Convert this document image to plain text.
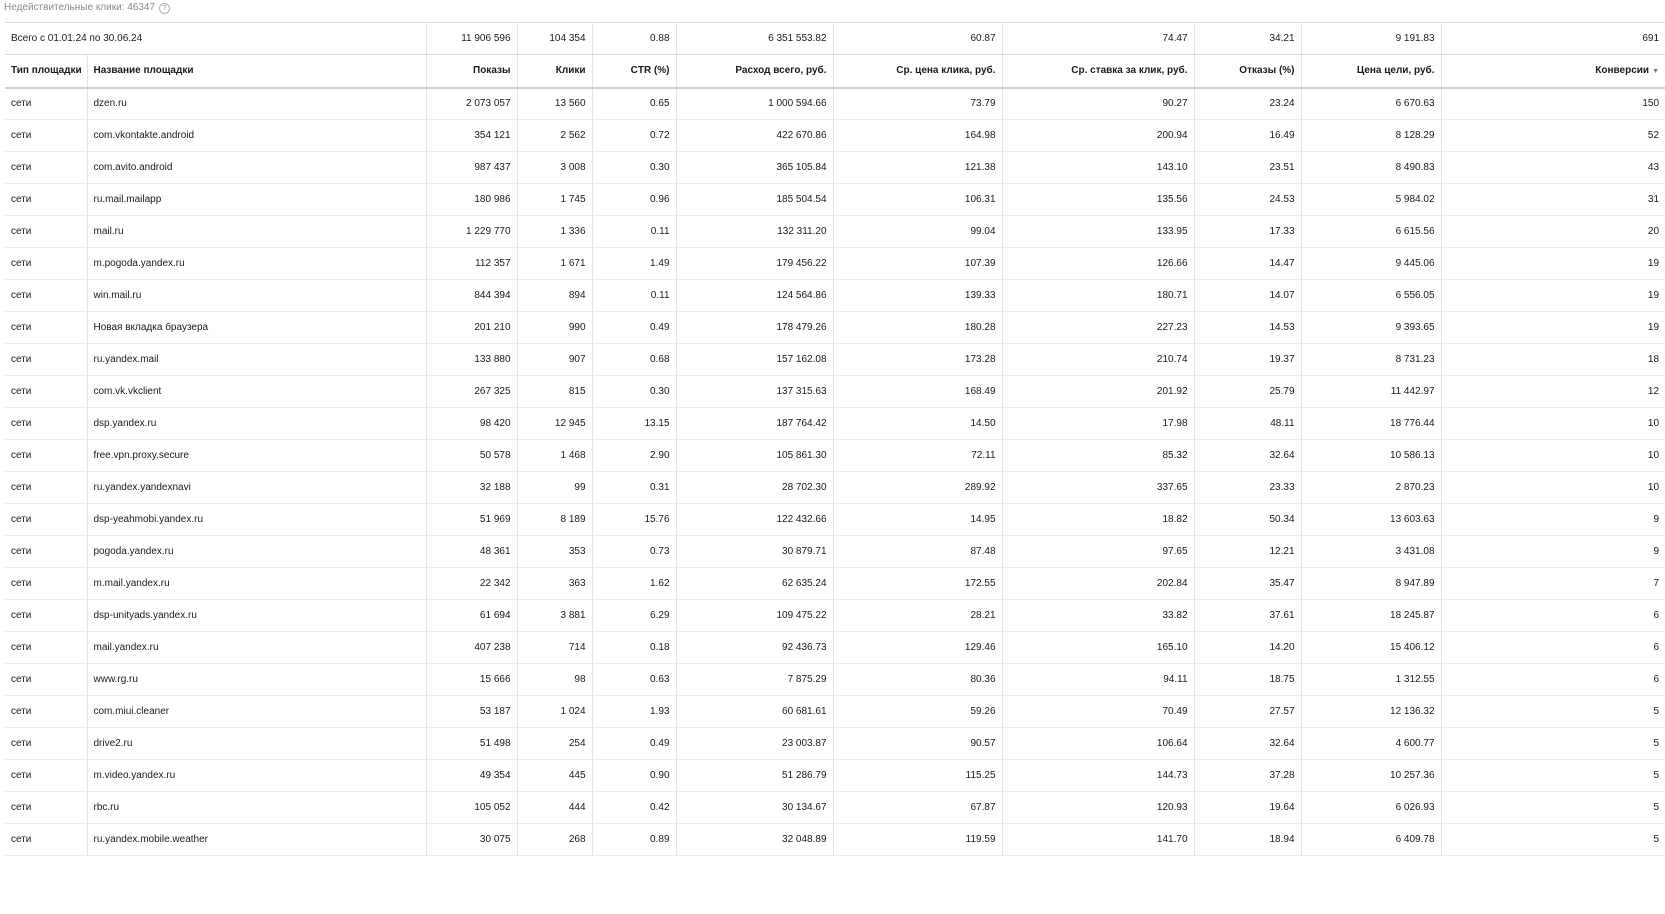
Недействительные клики: 46347	?
Всего с 01.01.24 по 30.06.24		11 906 596	104 354	0.88	6 351 553.82	60.87	74.47	34.21	9 191.83	691
Тип площадки	Название площадки	Показы	Клики	CTR (%)	Расход всего, руб.	Ср. цена клика, руб.	Ср. ставка за клик, руб.	Отказы (%)	Цена цели, руб.	Конверсии ▼
сети	dzen.ru	2 073 057	13 560	0.65	1 000 594.66	73.79	90.27	23.24	6 670.63	150
сети	com.vkontakte.android	354 121	2 562	0.72	422 670.86	164.98	200.94	16.49	8 128.29	52
сети	com.avito.android	987 437	3 008	0.30	365 105.84	121.38	143.10	23.51	8 490.83	43
сети	ru.mail.mailapp	180 986	1 745	0.96	185 504.54	106.31	135.56	24.53	5 984.02	31
сети	mail.ru	1 229 770	1 336	0.11	132 311.20	99.04	133.95	17.33	6 615.56	20
сети	m.pogoda.yandex.ru	112 357	1 671	1.49	179 456.22	107.39	126.66	14.47	9 445.06	19
сети	win.mail.ru	844 394	894	0.11	124 564.86	139.33	180.71	14.07	6 556.05	19
сети	Новая вкладка браузера	201 210	990	0.49	178 479.26	180.28	227.23	14.53	9 393.65	19
сети	ru.yandex.mail	133 880	907	0.68	157 162.08	173.28	210.74	19.37	8 731.23	18
сети	com.vk.vkclient	267 325	815	0.30	137 315.63	168.49	201.92	25.79	11 442.97	12
сети	dsp.yandex.ru	98 420	12 945	13.15	187 764.42	14.50	17.98	48.11	18 776.44	10
сети	free.vpn.proxy.secure	50 578	1 468	2.90	105 861.30	72.11	85.32	32.64	10 586.13	10
сети	ru.yandex.yandexnavi	32 188	99	0.31	28 702.30	289.92	337.65	23.33	2 870.23	10
сети	dsp-yeahmobi.yandex.ru	51 969	8 189	15.76	122 432.66	14.95	18.82	50.34	13 603.63	9
сети	pogoda.yandex.ru	48 361	353	0.73	30 879.71	87.48	97.65	12.21	3 431.08	9
сети	m.mail.yandex.ru	22 342	363	1.62	62 635.24	172.55	202.84	35.47	8 947.89	7
сети	dsp-unityads.yandex.ru	61 694	3 881	6.29	109 475.22	28.21	33.82	37.61	18 245.87	6
сети	mail.yandex.ru	407 238	714	0.18	92 436.73	129.46	165.10	14.20	15 406.12	6
сети	www.rg.ru	15 666	98	0.63	7 875.29	80.36	94.11	18.75	1 312.55	6
сети	com.miui.cleaner	53 187	1 024	1.93	60 681.61	59.26	70.49	27.57	12 136.32	5
сети	drive2.ru	51 498	254	0.49	23 003.87	90.57	106.64	32.64	4 600.77	5
сети	m.video.yandex.ru	49 354	445	0.90	51 286.79	115.25	144.73	37.28	10 257.36	5
сети	rbc.ru	105 052	444	0.42	30 134.67	67.87	120.93	19.64	6 026.93	5
сети	ru.yandex.mobile.weather	30 075	268	0.89	32 048.89	119.59	141.70	18.94	6 409.78	5
